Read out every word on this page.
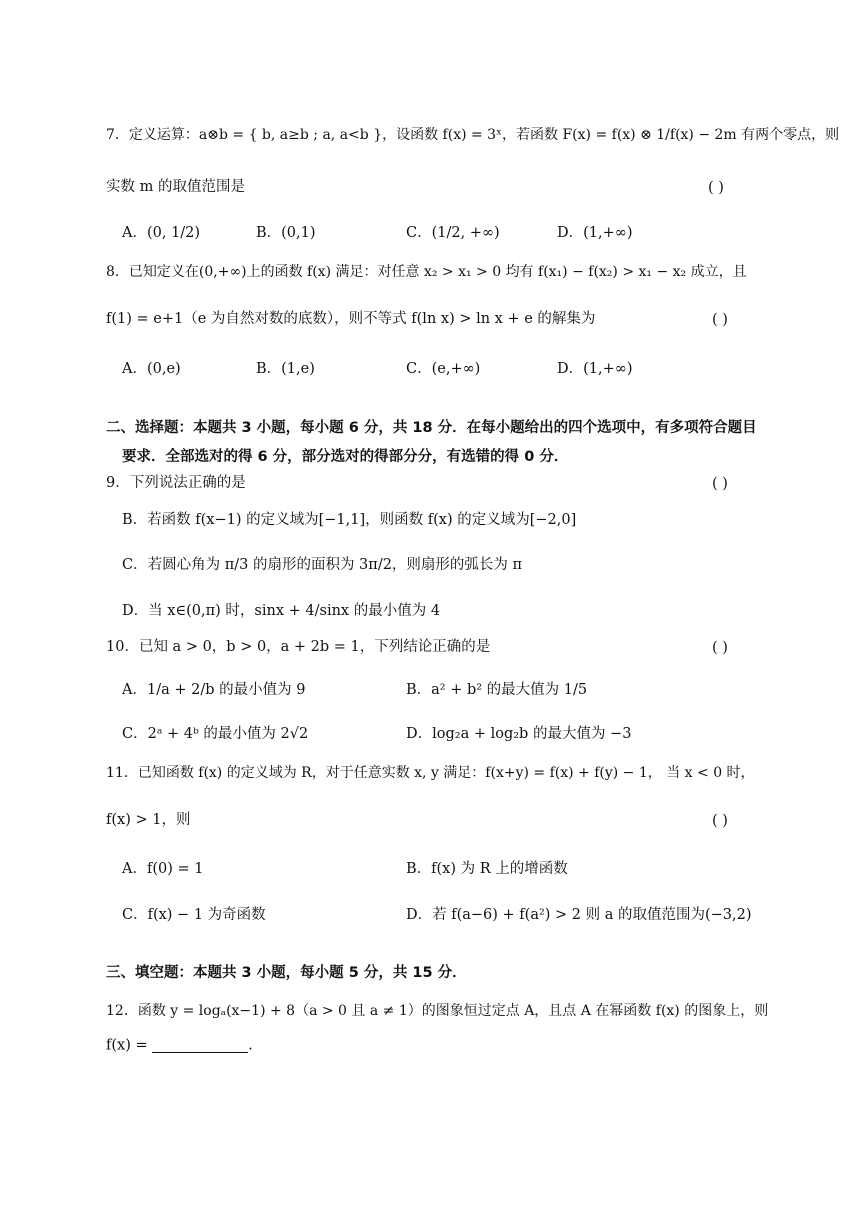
7．定义运算：a⊗b = { b, a≥b ; a, a<b }，设函数 f(x) = 3ˣ，若函数 F(x) = f(x) ⊗ 1/f(x) − 2m 有两个零点，则
实数 m 的取值范围是	( )
A．(0, 1/2)	B．(0,1)	C．(1/2, +∞)	D．(1,+∞)
8．已知定义在(0,+∞)上的函数 f(x) 满足：对任意 x₂ > x₁ > 0 均有 f(x₁) − f(x₂) > x₁ − x₂ 成立，且
f(1) = e+1（e 为自然对数的底数），则不等式 f(ln x) > ln x + e 的解集为	( )
A．(0,e)	B．(1,e)	C．(e,+∞)	D．(1,+∞)
二、选择题：本题共 3 小题，每小题 6 分，共 18 分．在每小题给出的四个选项中，有多项符合题目
要求．全部选对的得 6 分，部分选对的得部分分，有选错的得 0 分．
9．下列说法正确的是	( )
B．若函数 f(x−1) 的定义域为[−1,1]，则函数 f(x) 的定义域为[−2,0]
C．若圆心角为 π/3 的扇形的面积为 3π/2，则扇形的弧长为 π
D．当 x∈(0,π) 时，sinx + 4/sinx 的最小值为 4
10．已知 a > 0，b > 0，a + 2b = 1，下列结论正确的是	( )
A．1/a + 2/b 的最小值为 9	B．a² + b² 的最大值为 1/5
C．2ᵃ + 4ᵇ 的最小值为 2√2	D．log₂a + log₂b 的最大值为 −3
11．已知函数 f(x) 的定义域为 R，对于任意实数 x, y 满足：f(x+y) = f(x) + f(y) − 1， 当 x < 0 时，
f(x) > 1，则	( )
A．f(0) = 1	B．f(x) 为 R 上的增函数
C．f(x) − 1 为奇函数	D．若 f(a−6) + f(a²) > 2 则 a 的取值范围为(−3,2)
三、填空题：本题共 3 小题，每小题 5 分，共 15 分．
12．函数 y = logₐ(x−1) + 8（a > 0 且 a ≠ 1）的图象恒过定点 A，且点 A 在幂函数 f(x) 的图象上，则
f(x) =	.
